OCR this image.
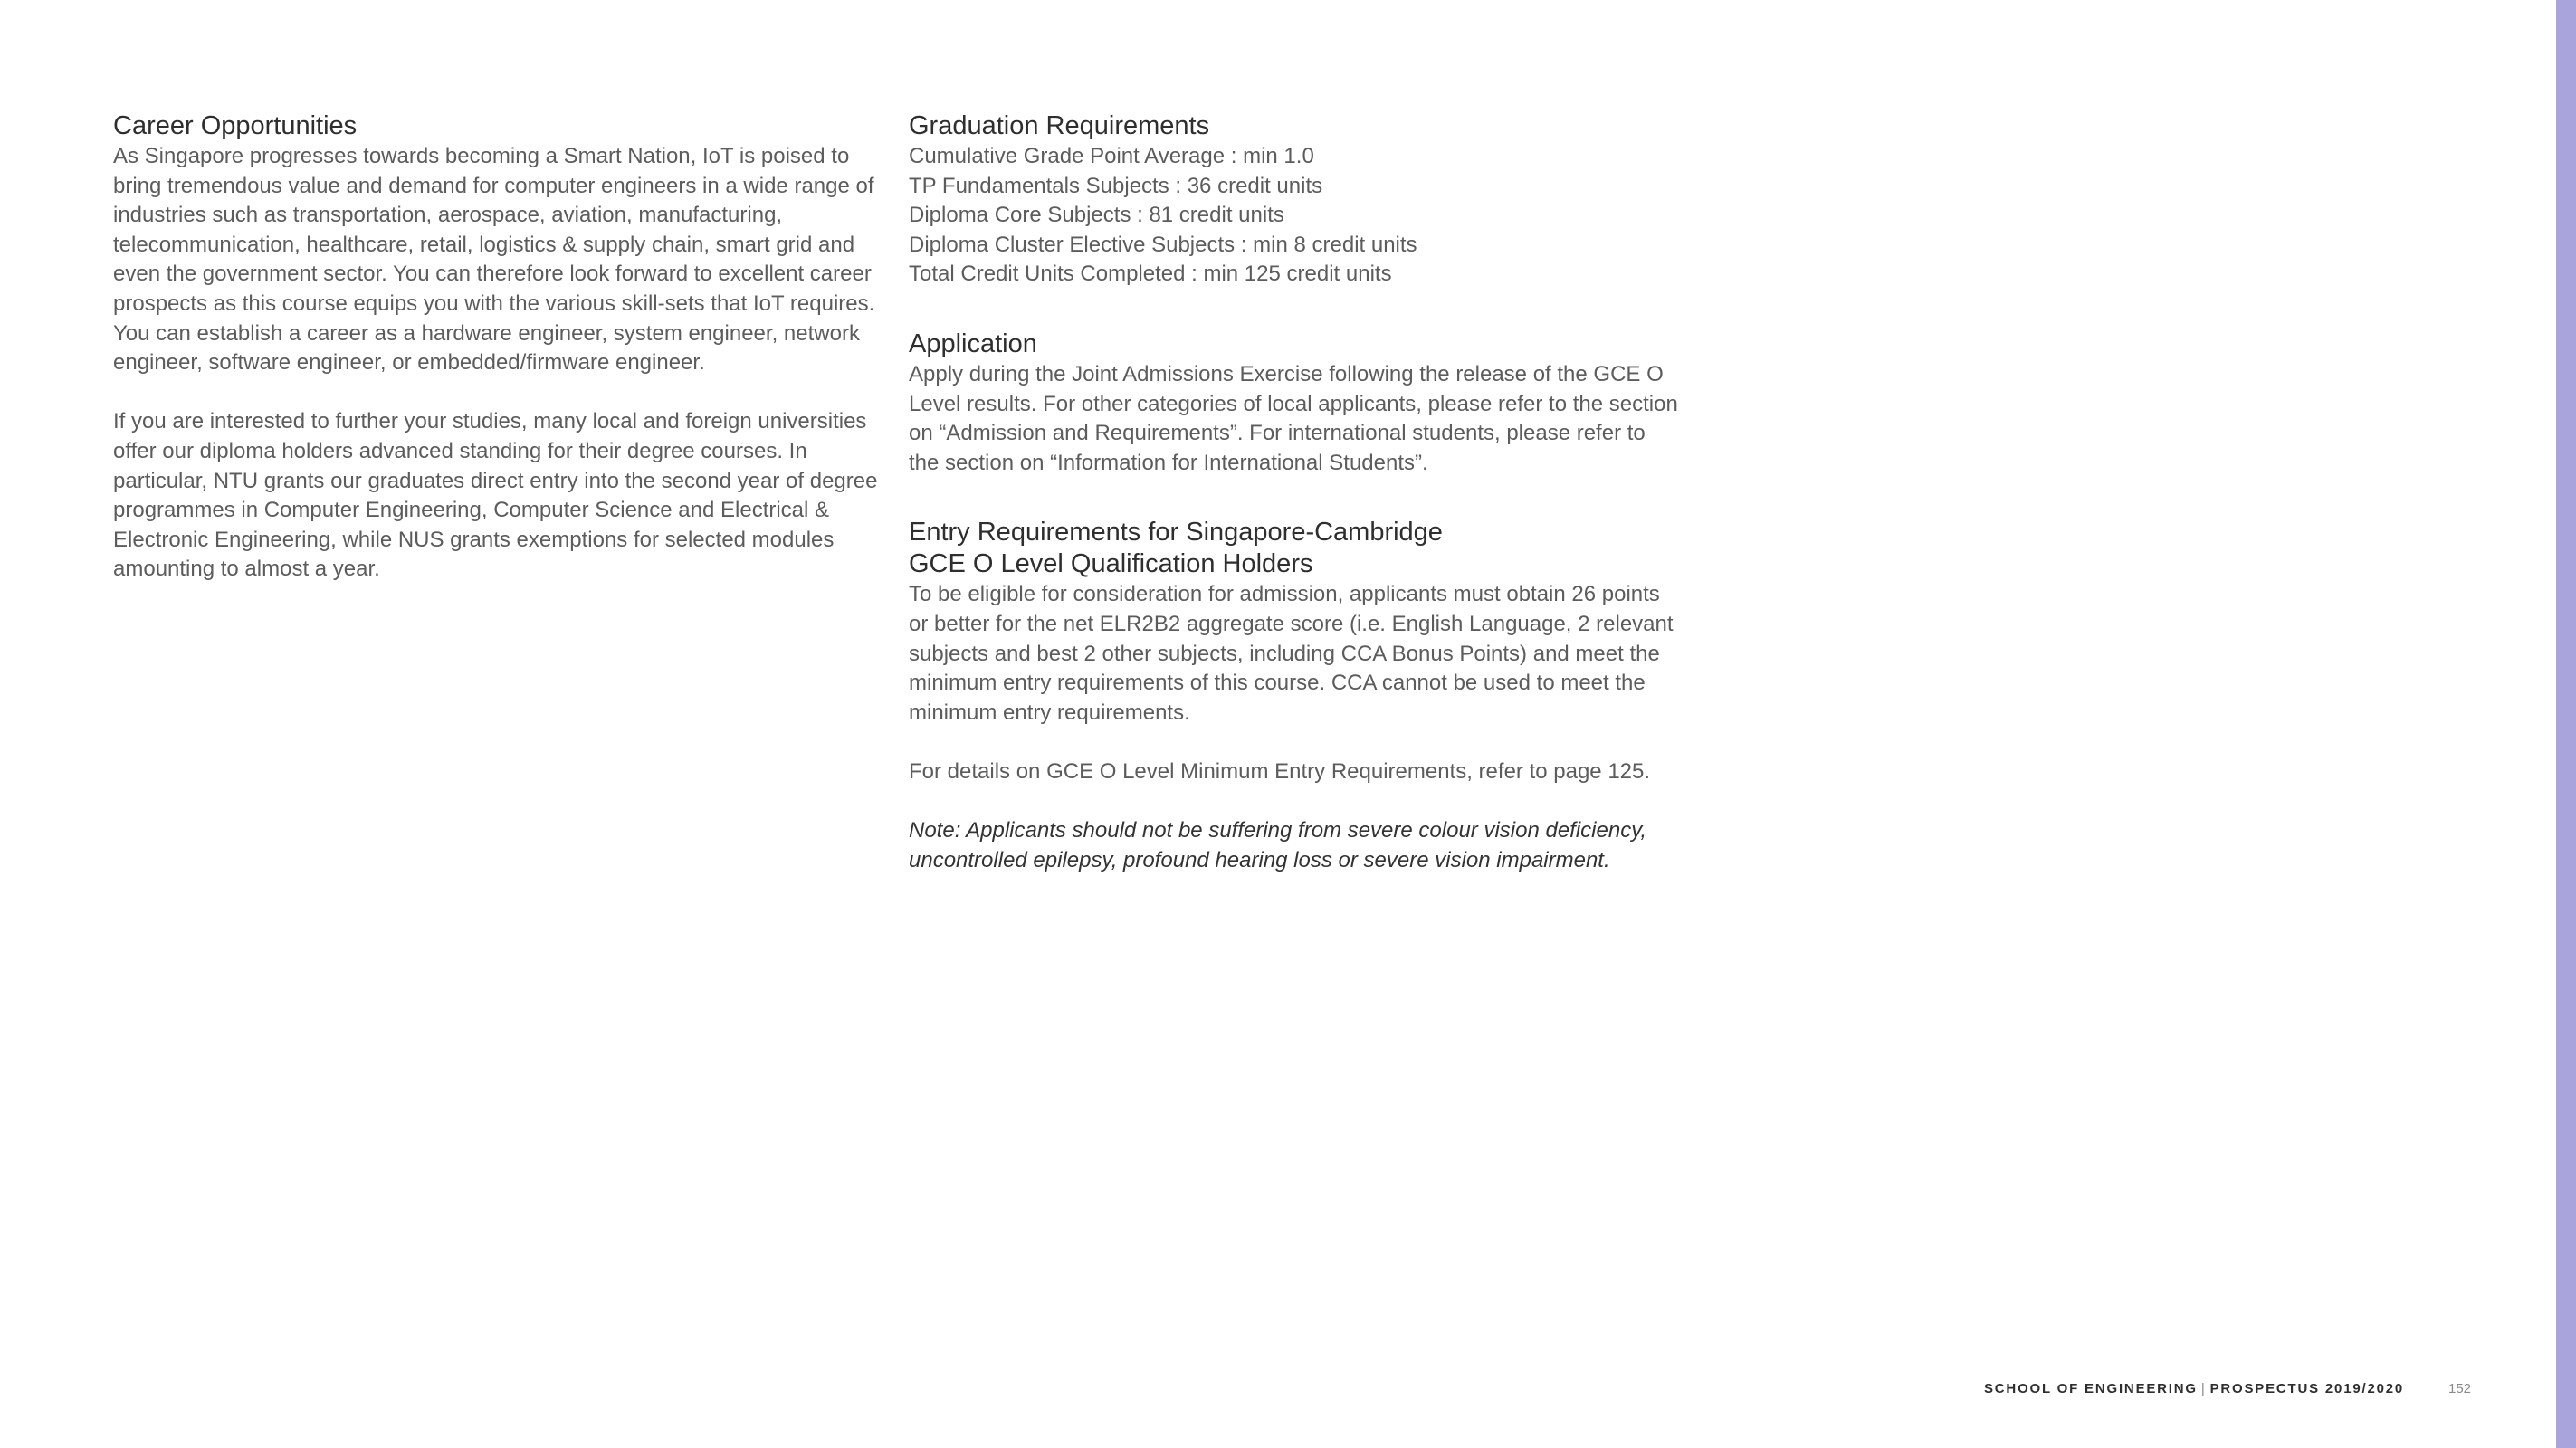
Career Opportunities

As Singapore progresses towards becoming a Smart Nation, IoT is poised to bring tremendous value and demand for computer engineers in a wide range of industries such as transportation, aerospace, aviation, manufacturing, telecommunication, healthcare, retail, logistics & supply chain, smart grid and even the government sector. You can therefore look forward to excellent career prospects as this course equips you with the various skill-sets that IoT requires. You can establish a career as a hardware engineer, system engineer, network engineer, software engineer, or embedded/firmware engineer.

If you are interested to further your studies, many local and foreign universities offer our diploma holders advanced standing for their degree courses. In particular, NTU grants our graduates direct entry into the second year of degree programmes in Computer Engineering, Computer Science and Electrical & Electronic Engineering, while NUS grants exemptions for selected modules amounting to almost a year.

Graduation Requirements
Cumulative Grade Point Average : min 1.0
TP Fundamentals Subjects : 36 credit units
Diploma Core Subjects : 81 credit units
Diploma Cluster Elective Subjects : min 8 credit units
Total Credit Units Completed : min 125 credit units
Application

Apply during the Joint Admissions Exercise following the release of the GCE O Level results. For other categories of local applicants, please refer to the section on “Admission and Requirements”. For international students, please refer to the section on “Information for International Students”.

Entry Requirements for Singapore-Cambridge
GCE O Level Qualification Holders

To be eligible for consideration for admission, applicants must obtain 26 points or better for the net ELR2B2 aggregate score (i.e. English Language, 2 relevant subjects and best 2 other subjects, including CCA Bonus Points) and meet the minimum entry requirements of this course. CCA cannot be used to meet the minimum entry requirements.

For details on GCE O Level Minimum Entry Requirements, refer to page 125.

Note: Applicants should not be suffering from severe colour vision deficiency, uncontrolled epilepsy, profound hearing loss or severe vision impairment.

SCHOOL OF ENGINEERING | PROSPECTUS 2019/2020	152
